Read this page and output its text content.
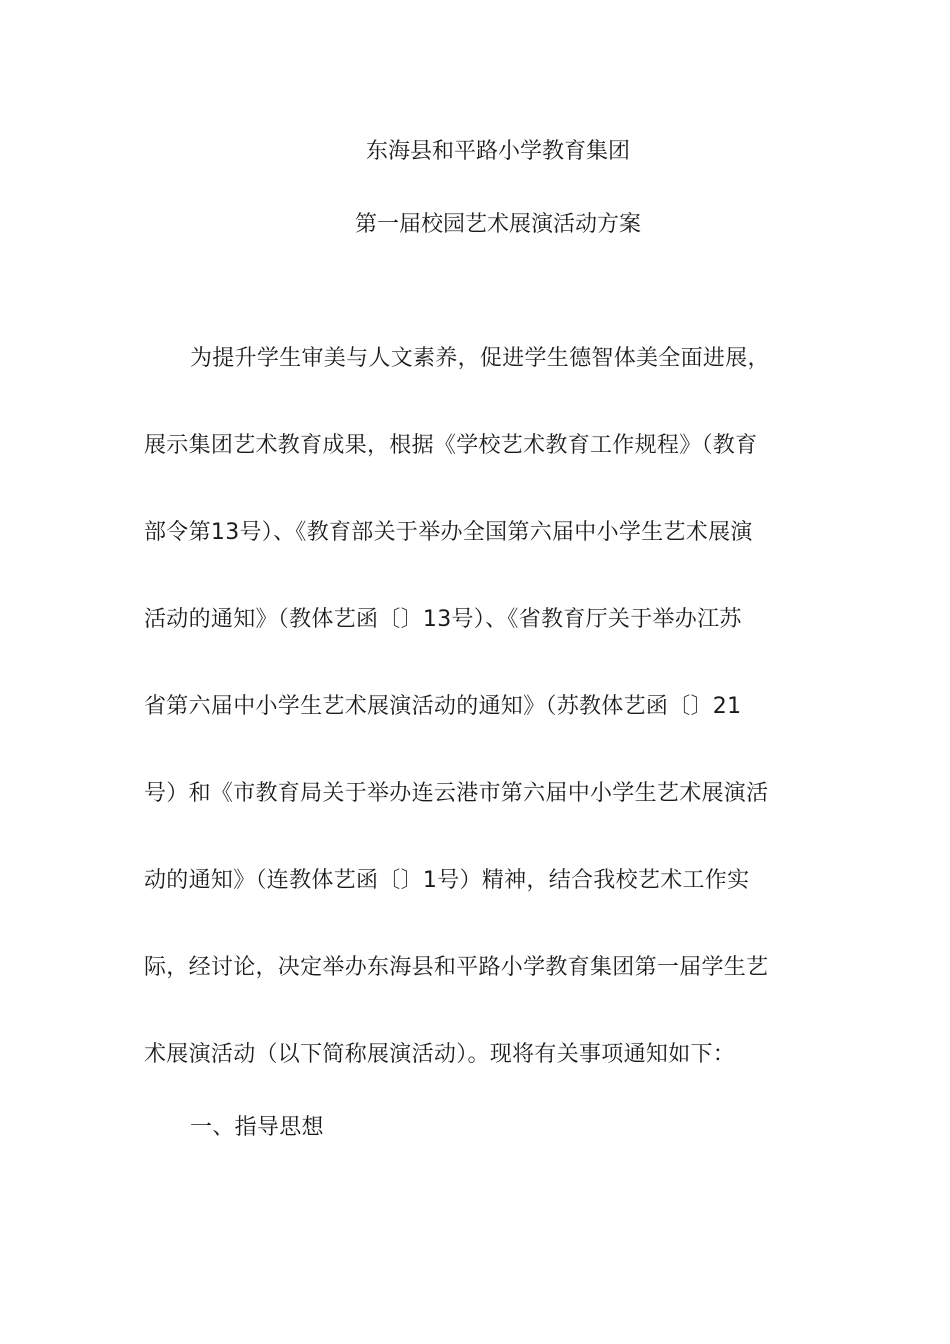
东海县和平路小学教育集团
第一届校园艺术展演活动方案
为提升学生审美与人文素养，促进学生德智体美全面进展，
展示集团艺术教育成果，根据《学校艺术教育工作规程》（教育
部令第13号）、《教育部关于举办全国第六届中小学生艺术展演
活动的通知》（教体艺函〔〕13号）、《省教育厅关于举办江苏
省第六届中小学生艺术展演活动的通知》（苏教体艺函〔〕21
号）和《市教育局关于举办连云港市第六届中小学生艺术展演活
动的通知》（连教体艺函〔〕1号）精神，结合我校艺术工作实
际，经讨论，决定举办东海县和平路小学教育集团第一届学生艺
术展演活动（以下简称展演活动）。现将有关事项通知如下：
一、指导思想
